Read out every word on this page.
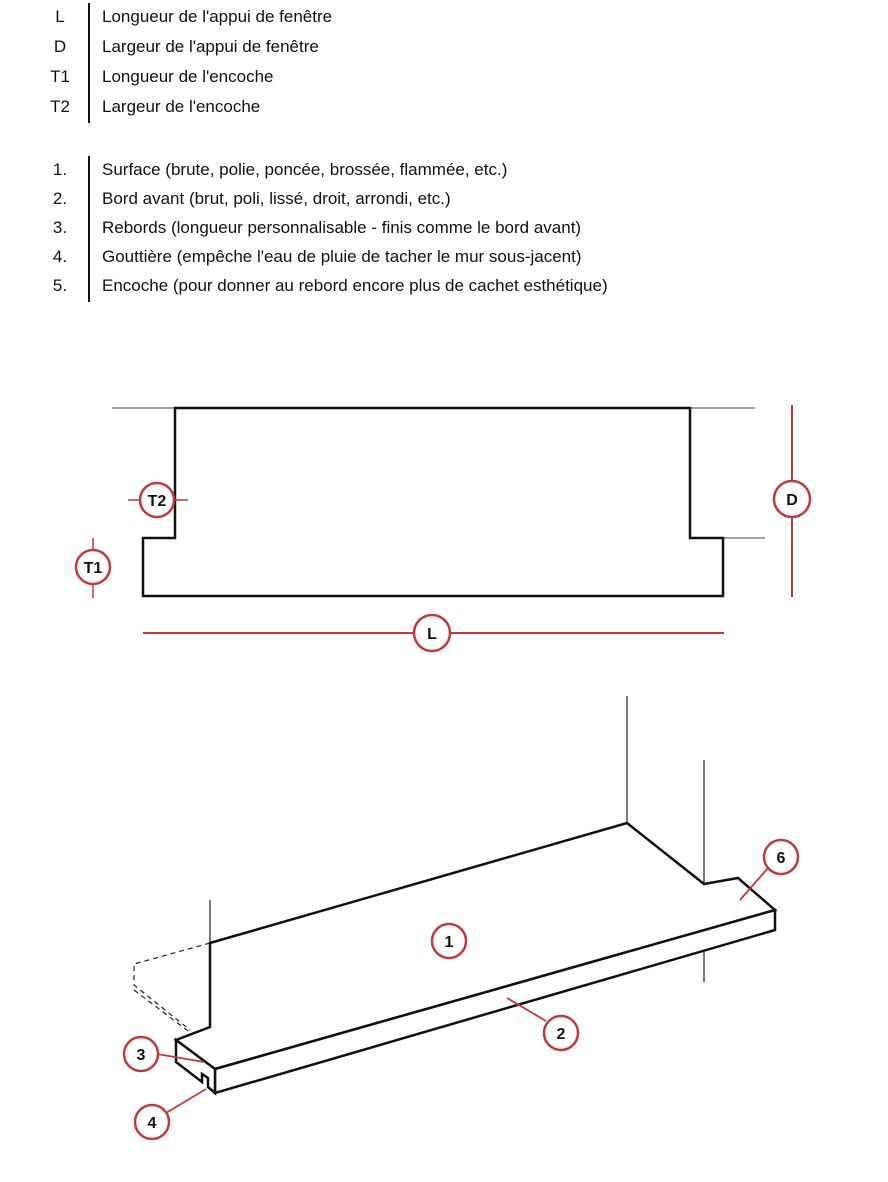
L	Longueur de l'appui de fenêtre
D	Largeur de l'appui de fenêtre
T1	Longueur de l'encoche
T2	Largeur de l'encoche
1.	Surface (brute, polie, poncée, brossée, flammée, etc.)
2.	Bord avant (brut, poli, lissé, droit, arrondi, etc.)
3.	Rebords (longueur personnalisable - finis comme le bord avant)
4.	Gouttière (empêche l'eau de pluie de tacher le mur sous-jacent)
5.	Encoche (pour donner au rebord encore plus de cachet esthétique)
T2
T1
D
L
1
2
3
4
6
